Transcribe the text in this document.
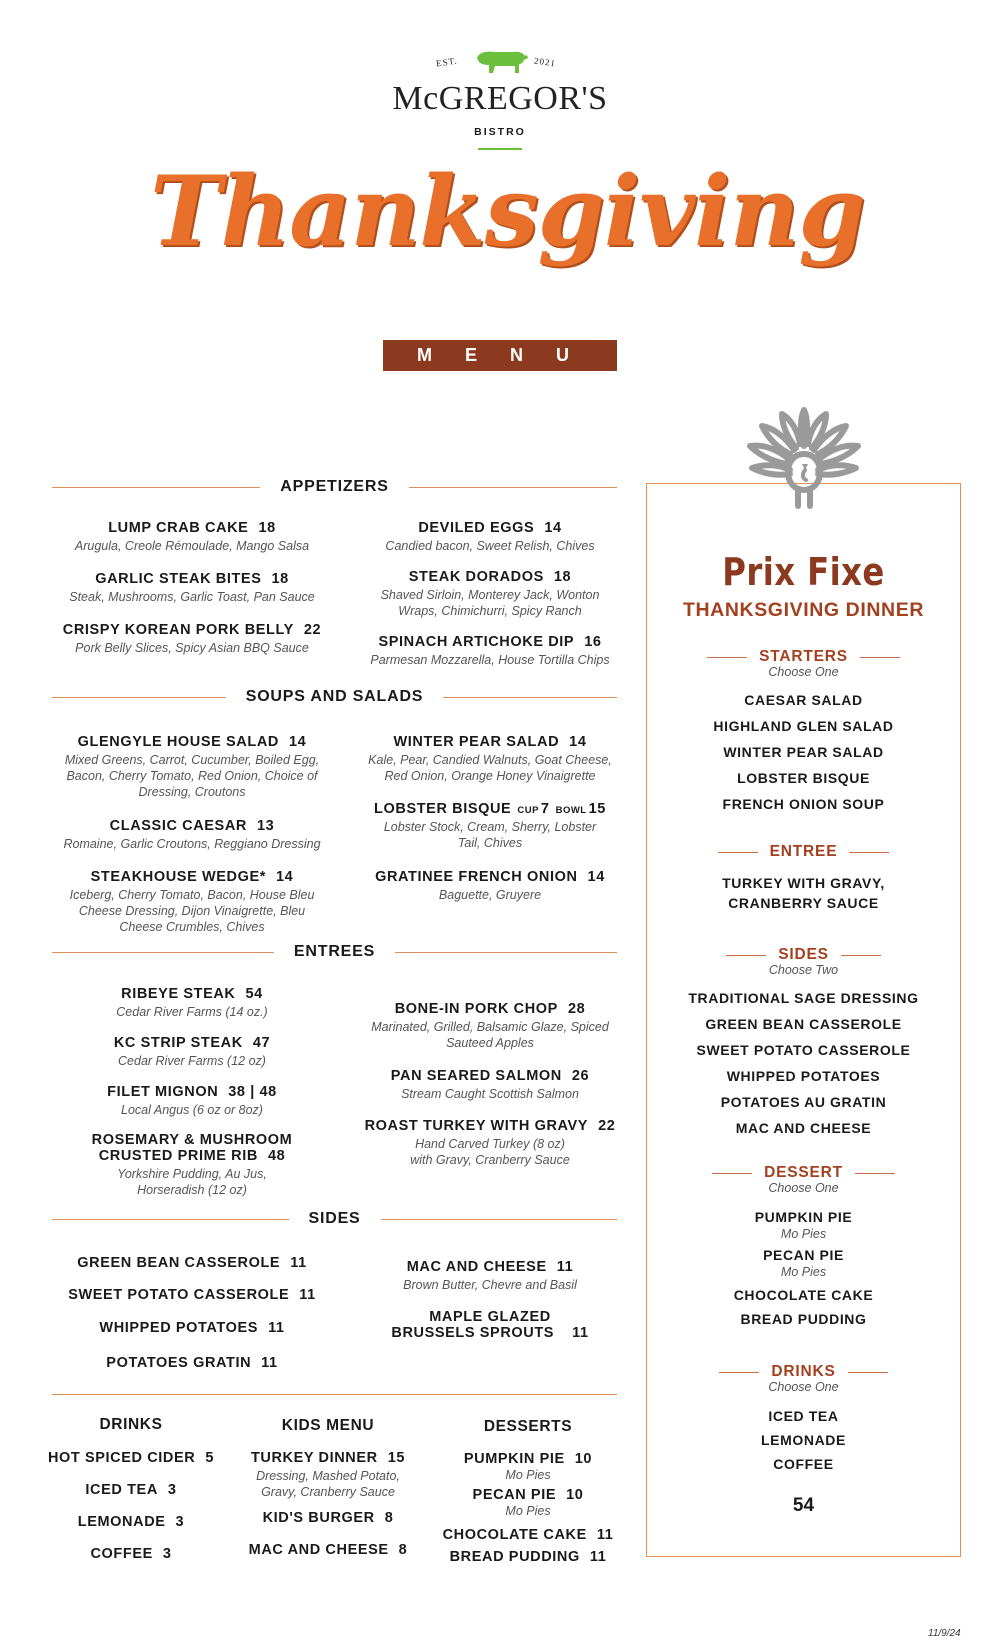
EST.	2021
McGREGOR'S
BISTRO
Thanksgiving
M E N U
APPETIZERS
LUMP CRAB CAKE 18
Arugula, Creole Rémoulade, Mango Salsa
GARLIC STEAK BITES 18
Steak, Mushrooms, Garlic Toast, Pan Sauce
CRISPY KOREAN PORK BELLY 22
Pork Belly Slices, Spicy Asian BBQ Sauce
DEVILED EGGS 14
Candied bacon, Sweet Relish, Chives
STEAK DORADOS 18
Shaved Sirloin, Monterey Jack, Wonton Wraps, Chimichurri, Spicy Ranch
SPINACH ARTICHOKE DIP 16
Parmesan Mozzarella, House Tortilla Chips
SOUPS AND SALADS
GLENGYLE HOUSE SALAD 14
Mixed Greens, Carrot, Cucumber, Boiled Egg, Bacon, Cherry Tomato, Red Onion, Choice of Dressing, Croutons
CLASSIC CAESAR 13
Romaine, Garlic Croutons, Reggiano Dressing
STEAKHOUSE WEDGE* 14
Iceberg, Cherry Tomato, Bacon, House Bleu Cheese Dressing, Dijon Vinaigrette, Bleu Cheese Crumbles, Chives
WINTER PEAR SALAD 14
Kale, Pear, Candied Walnuts, Goat Cheese, Red Onion, Orange Honey Vinaigrette
LOBSTER BISQUE CUP 7 BOWL 15
Lobster Stock, Cream, Sherry, Lobster Tail, Chives
GRATINEE FRENCH ONION 14
Baguette, Gruyere
ENTREES
RIBEYE STEAK 54
Cedar River Farms (14 oz.)
KC STRIP STEAK 47
Cedar River Farms (12 oz)
FILET MIGNON 38 | 48
Local Angus (6 oz or 8oz)
ROSEMARY & MUSHROOM
CRUSTED PRIME RIB 48
Yorkshire Pudding, Au Jus, Horseradish (12 oz)
BONE-IN PORK CHOP 28
Marinated, Grilled, Balsamic Glaze, Spiced Sauteed Apples
PAN SEARED SALMON 26
Stream Caught Scottish Salmon
ROAST TURKEY WITH GRAVY 22
Hand Carved Turkey (8 oz)
with Gravy, Cranberry Sauce
SIDES
GREEN BEAN CASSEROLE 11
SWEET POTATO CASSEROLE 11
WHIPPED POTATOES 11
POTATOES GRATIN 11
MAC AND CHEESE 11
Brown Butter, Chevre and Basil
MAPLE GLAZED
BRUSSELS SPROUTS 11
DRINKS
HOT SPICED CIDER 5
ICED TEA 3
LEMONADE 3
COFFEE 3
KIDS MENU
TURKEY DINNER 15
Dressing, Mashed Potato, Gravy, Cranberry Sauce
KID'S BURGER 8
MAC AND CHEESE 8
DESSERTS
PUMPKIN PIE 10
Mo Pies
PECAN PIE 10
Mo Pies
CHOCOLATE CAKE 11
BREAD PUDDING 11
Prix Fixe
THANKSGIVING DINNER
STARTERS
Choose One
CAESAR SALAD
HIGHLAND GLEN SALAD
WINTER PEAR SALAD
LOBSTER BISQUE
FRENCH ONION SOUP
ENTREE
TURKEY WITH GRAVY,
CRANBERRY SAUCE
SIDES
Choose Two
TRADITIONAL SAGE DRESSING
GREEN BEAN CASSEROLE
SWEET POTATO CASSEROLE
WHIPPED POTATOES
POTATOES AU GRATIN
MAC AND CHEESE
DESSERT
Choose One
PUMPKIN PIE
Mo Pies
PECAN PIE
Mo Pies
CHOCOLATE CAKE
BREAD PUDDING
DRINKS
Choose One
ICED TEA
LEMONADE
COFFEE
54
11/9/24
